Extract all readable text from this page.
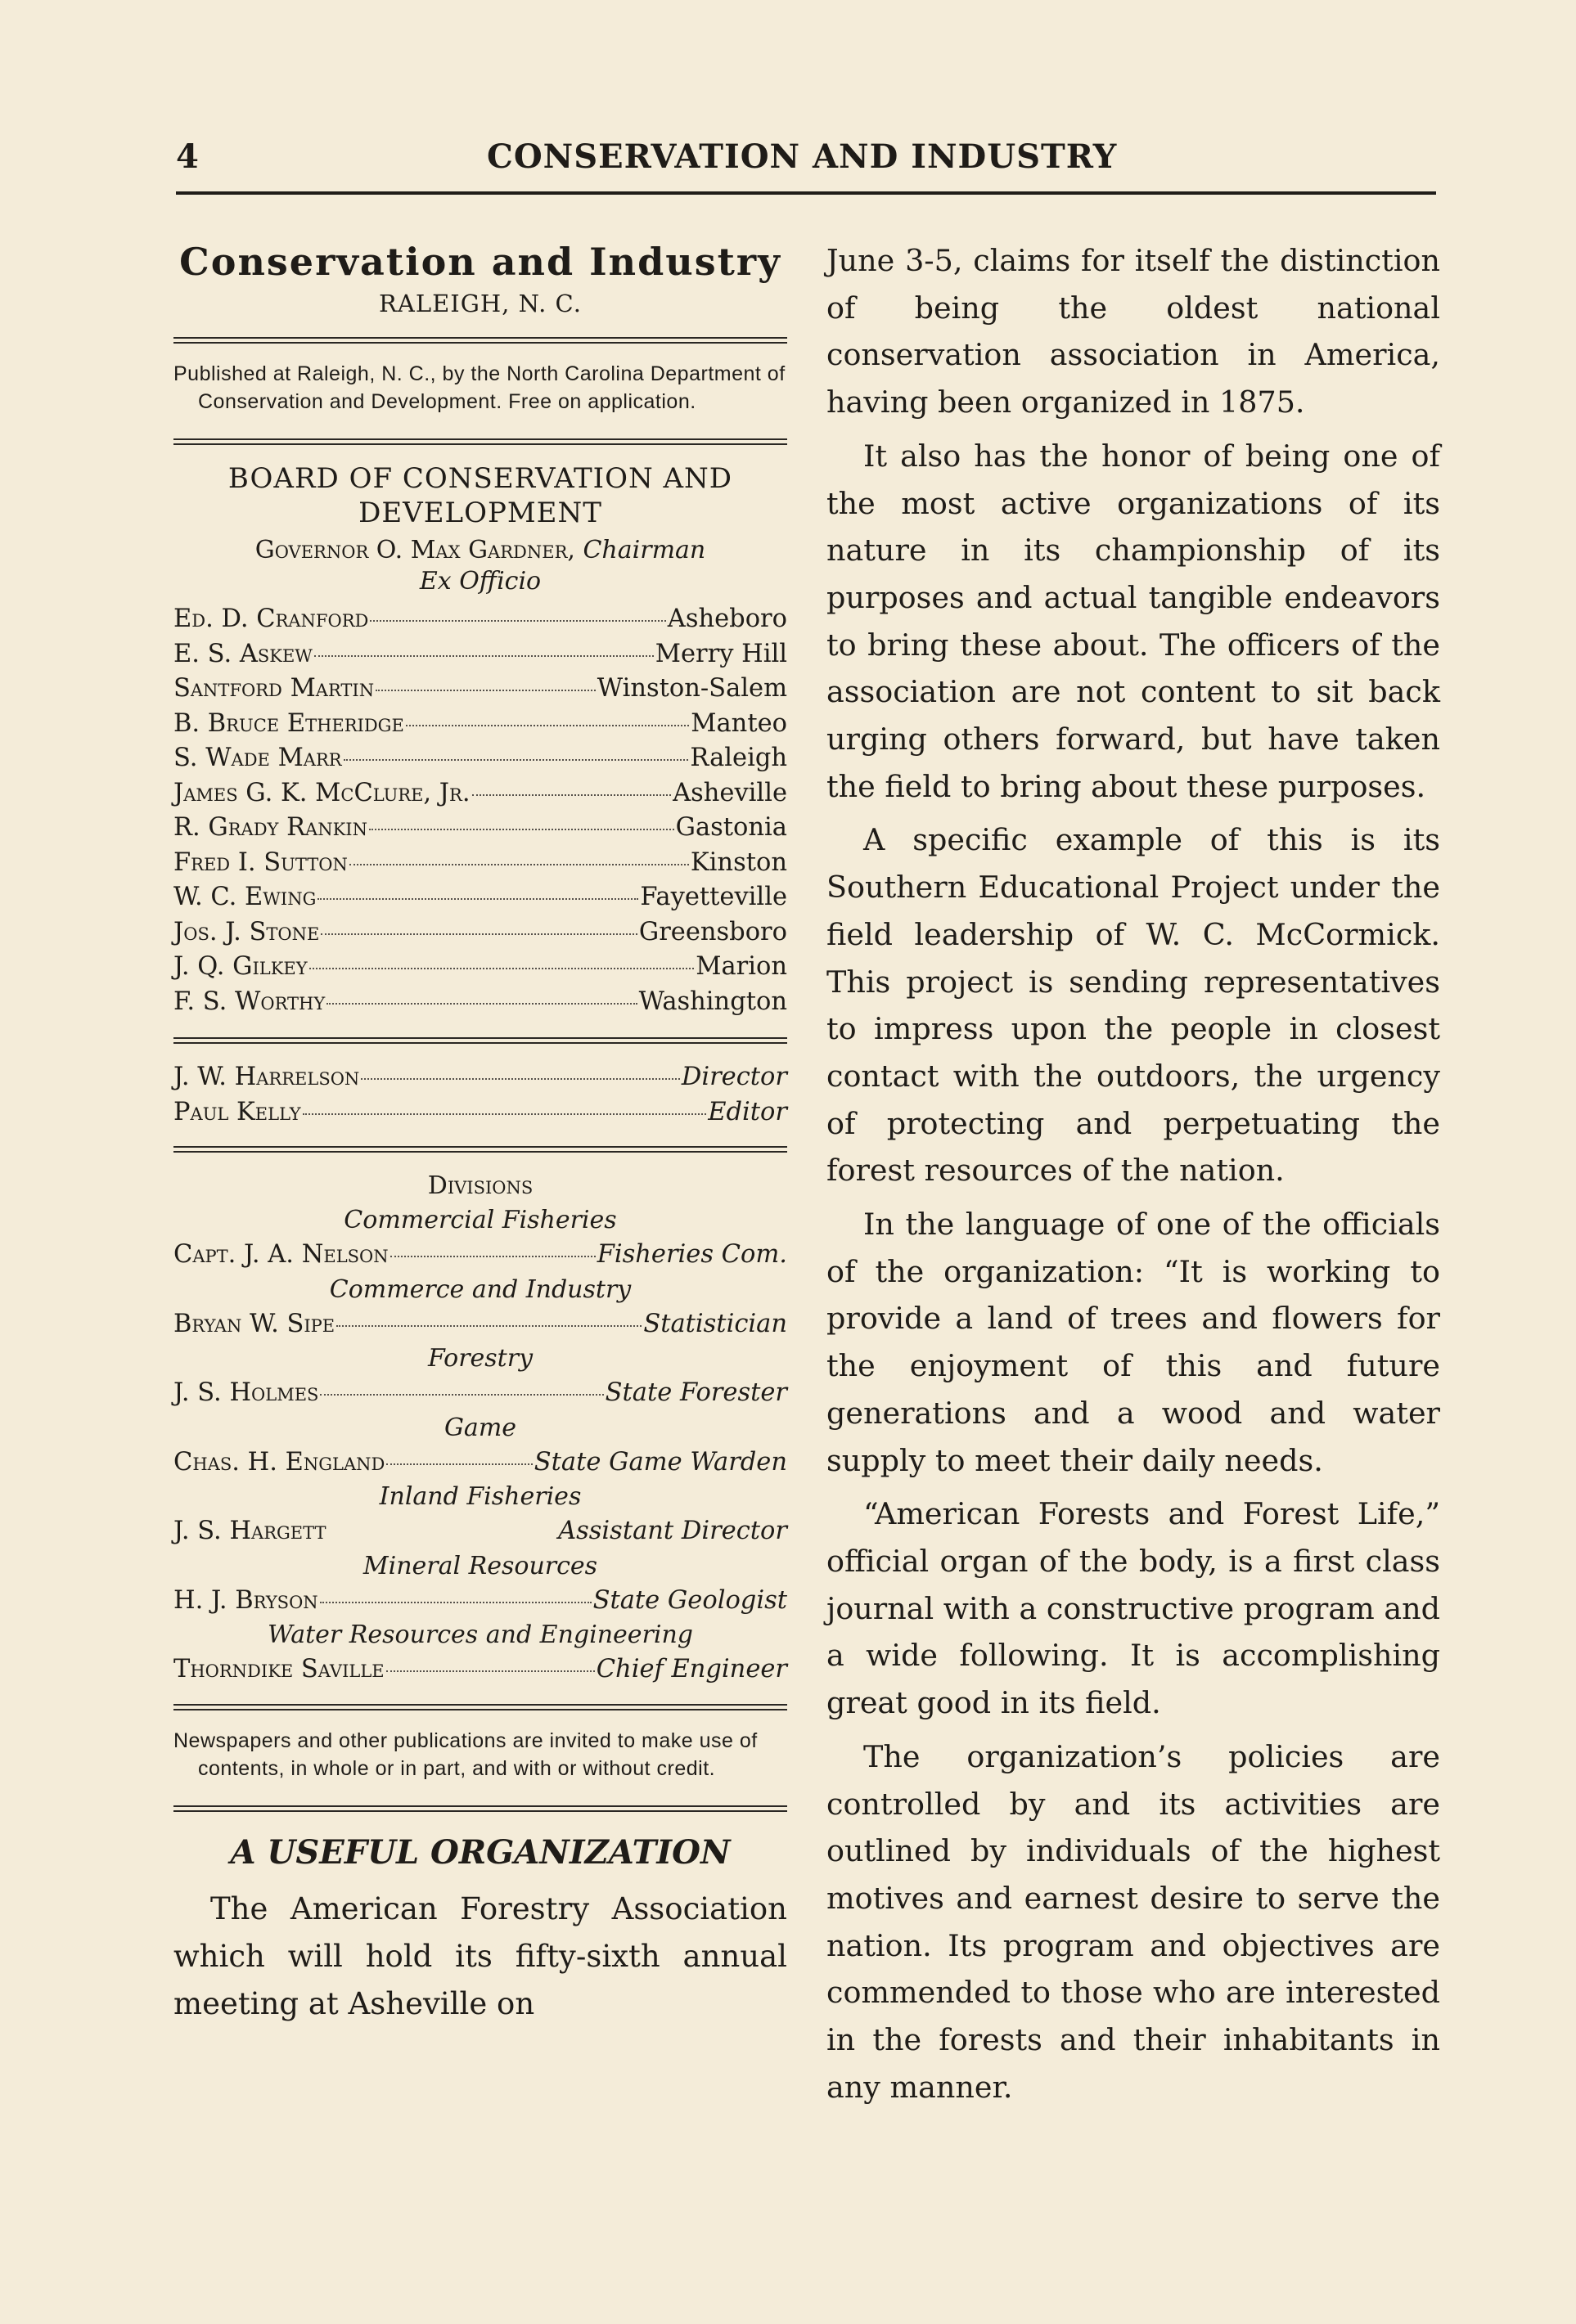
4	CONSERVATION AND INDUSTRY
Conservation and Industry
RALEIGH, N. C.
Published at Raleigh, N. C., by the North Carolina Department of Conservation and Development. Free on application.
BOARD OF CONSERVATION AND DEVELOPMENT
Governor O. Max Gardner, Chairman
Ex Officio
Ed. D. Cranford	Asheboro
E. S. Askew	Merry Hill
Santford Martin	Winston-Salem
B. Bruce Etheridge	Manteo
S. Wade Marr	Raleigh
James G. K. McClure, Jr.	Asheville
R. Grady Rankin	Gastonia
Fred I. Sutton	Kinston
W. C. Ewing	Fayetteville
Jos. J. Stone	Greensboro
J. Q. Gilkey	Marion
F. S. Worthy	Washington
J. W. Harrelson	Director
Paul Kelly	Editor
Divisions
Commercial Fisheries
Capt. J. A. Nelson	Fisheries Com.
Commerce and Industry
Bryan W. Sipe	Statistician
Forestry
J. S. Holmes	State Forester
Game
Chas. H. England	State Game Warden
Inland Fisheries
J. S. Hargett	Assistant Director
Mineral Resources
H. J. Bryson	State Geologist
Water Resources and Engineering
Thorndike Saville	Chief Engineer
Newspapers and other publications are invited to make use of contents, in whole or in part, and with or without credit.
A USEFUL ORGANIZATION
The American Forestry Association which will hold its fifty-sixth annual meeting at Asheville on

June 3-5, claims for itself the distinction of being the oldest national conservation association in America, having been organized in 1875.

It also has the honor of being one of the most active organizations of its nature in its championship of its purposes and actual tangible endeavors to bring these about. The officers of the association are not content to sit back urging others forward, but have taken the field to bring about these purposes.

A specific example of this is its Southern Educational Project under the field leadership of W. C. McCormick. This project is sending representatives to impress upon the people in closest contact with the outdoors, the urgency of protecting and perpetuating the forest resources of the nation.

In the language of one of the officials of the organization: “It is working to provide a land of trees and flowers for the enjoyment of this and future generations and a wood and water supply to meet their daily needs.

“American Forests and Forest Life,” official organ of the body, is a first class journal with a constructive program and a wide following. It is accomplishing great good in its field.

The organization’s policies are controlled by and its activities are outlined by individuals of the highest motives and earnest desire to serve the nation. Its program and objectives are commended to those who are interested in the forests and their inhabitants in any manner.
